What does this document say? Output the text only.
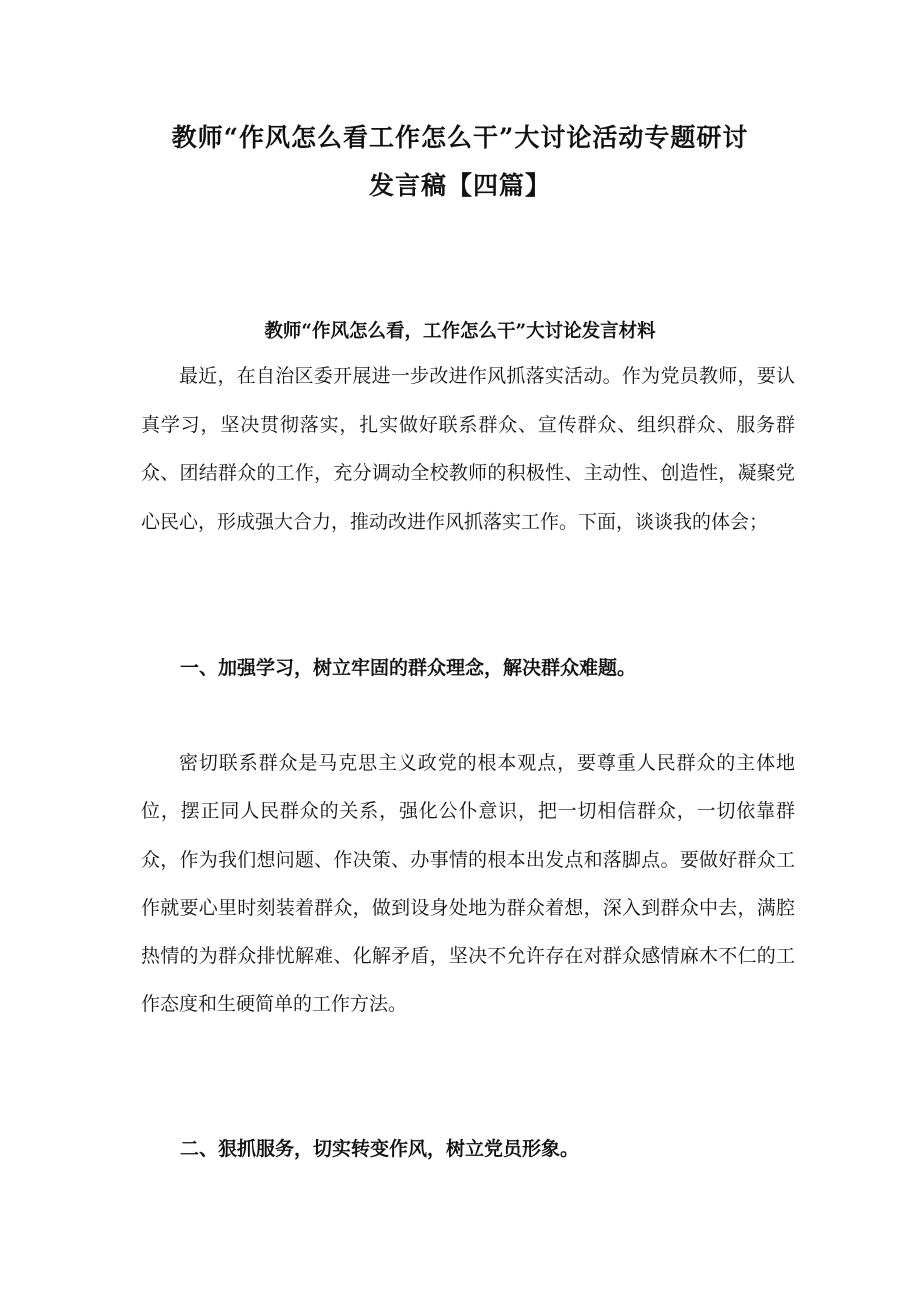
教师“作风怎么看工作怎么干”大讨论活动专题研讨
发言稿【四篇】
教师“作风怎么看，工作怎么干”大讨论发言材料
最近，在自治区委开展进一步改进作风抓落实活动。作为党员教师，要认真学习，坚决贯彻落实，扎实做好联系群众、宣传群众、组织群众、服务群众、团结群众的工作，充分调动全校教师的积极性、主动性、创造性，凝聚党心民心，形成强大合力，推动改进作风抓落实工作。下面，谈谈我的体会；
一、加强学习，树立牢固的群众理念，解决群众难题。
密切联系群众是马克思主义政党的根本观点，要尊重人民群众的主体地位，摆正同人民群众的关系，强化公仆意识，把一切相信群众，一切依靠群众，作为我们想问题、作决策、办事情的根本出发点和落脚点。要做好群众工作就要心里时刻装着群众，做到设身处地为群众着想，深入到群众中去，满腔热情的为群众排忧解难、化解矛盾，坚决不允许存在对群众感情麻木不仁的工作态度和生硬简单的工作方法。
二、狠抓服务，切实转变作风，树立党员形象。
